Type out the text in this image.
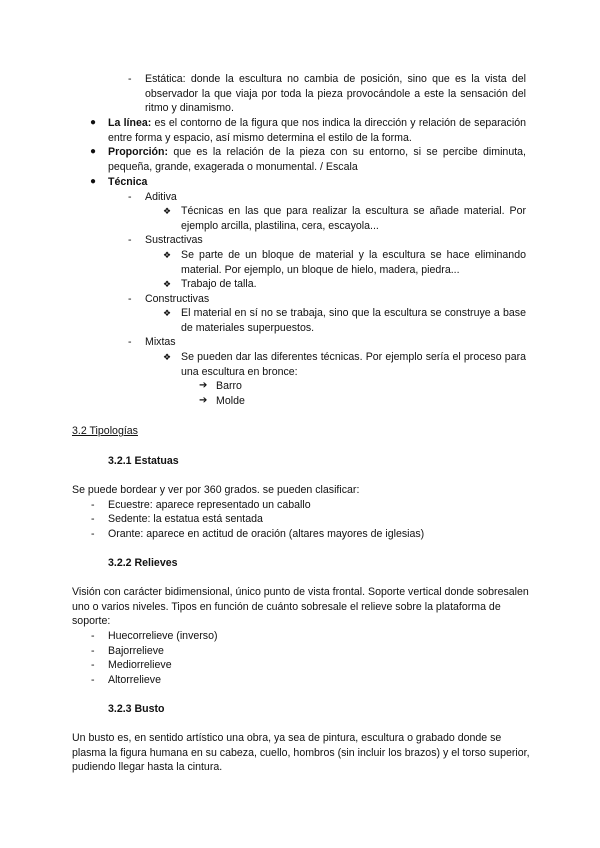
- Estática: donde la escultura no cambia de posición, sino que es la vista del observador la que viaja por toda la pieza provocándole a este la sensación del ritmo y dinamismo.
● La línea: es el contorno de la figura que nos indica la dirección y relación de separación entre forma y espacio, así mismo determina el estilo de la forma.
● Proporción: que es la relación de la pieza con su entorno, si se percibe diminuta, pequeña, grande, exagerada o monumental. / Escala
● Técnica
- Aditiva
❖ Técnicas en las que para realizar la escultura se añade material. Por ejemplo arcilla, plastilina, cera, escayola...
- Sustractivas
❖ Se parte de un bloque de material y la escultura se hace eliminando material. Por ejemplo, un bloque de hielo, madera, piedra...
❖ Trabajo de talla.
- Constructivas
❖ El material en sí no se trabaja, sino que la escultura se construye a base de materiales superpuestos.
- Mixtas
❖ Se pueden dar las diferentes técnicas. Por ejemplo sería el proceso para una escultura en bronce:
➔ Barro
➔ Molde
3.2 Tipologías
3.2.1 Estatuas
Se puede bordear y ver por 360 grados. se pueden clasificar:
- Ecuestre: aparece representado un caballo
- Sedente: la estatua está sentada
- Orante: aparece en actitud de oración (altares mayores de iglesias)
3.2.2 Relieves
Visión con carácter bidimensional, único punto de vista frontal. Soporte vertical donde sobresalen uno o varios niveles. Tipos en función de cuánto sobresale el relieve sobre la plataforma de soporte:
- Huecorrelieve (inverso)
- Bajorrelieve
- Mediorrelieve
- Altorrelieve
3.2.3 Busto
Un busto es, en sentido artístico una obra, ya sea de pintura, escultura o grabado donde se plasma la figura humana en su cabeza, cuello, hombros (sin incluir los brazos) y el torso superior, pudiendo llegar hasta la cintura.
